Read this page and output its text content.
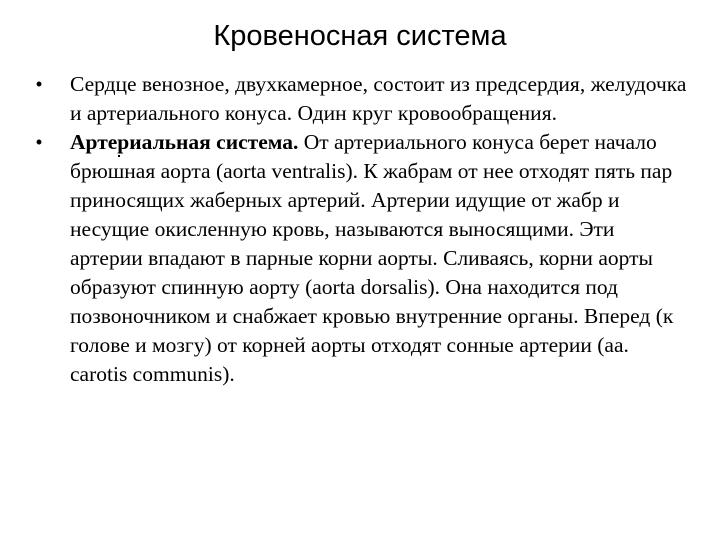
Кровеносная система
• Сердце венозное, двухкамерное, состоит из предсердия, желудочка и артериального конуса. Один круг кровообращения.
• Артериальная система. От артериального конуса берет начало брюшная аорта (aorta ventralis). К жабрам от нее отходят пять пар приносящих жаберных артерий. Артерии идущие от жабр и несущие окисленную кровь, называются выносящими. Эти артерии впадают в парные корни аорты. Сливаясь, корни аорты образуют спинную аорту (aorta dorsalis). Она находится под позвоночником и снабжает кровью внутренние органы. Вперед (к голове и мозгу) от корней аорты отходят сонные артерии (aa. carotis communis).
